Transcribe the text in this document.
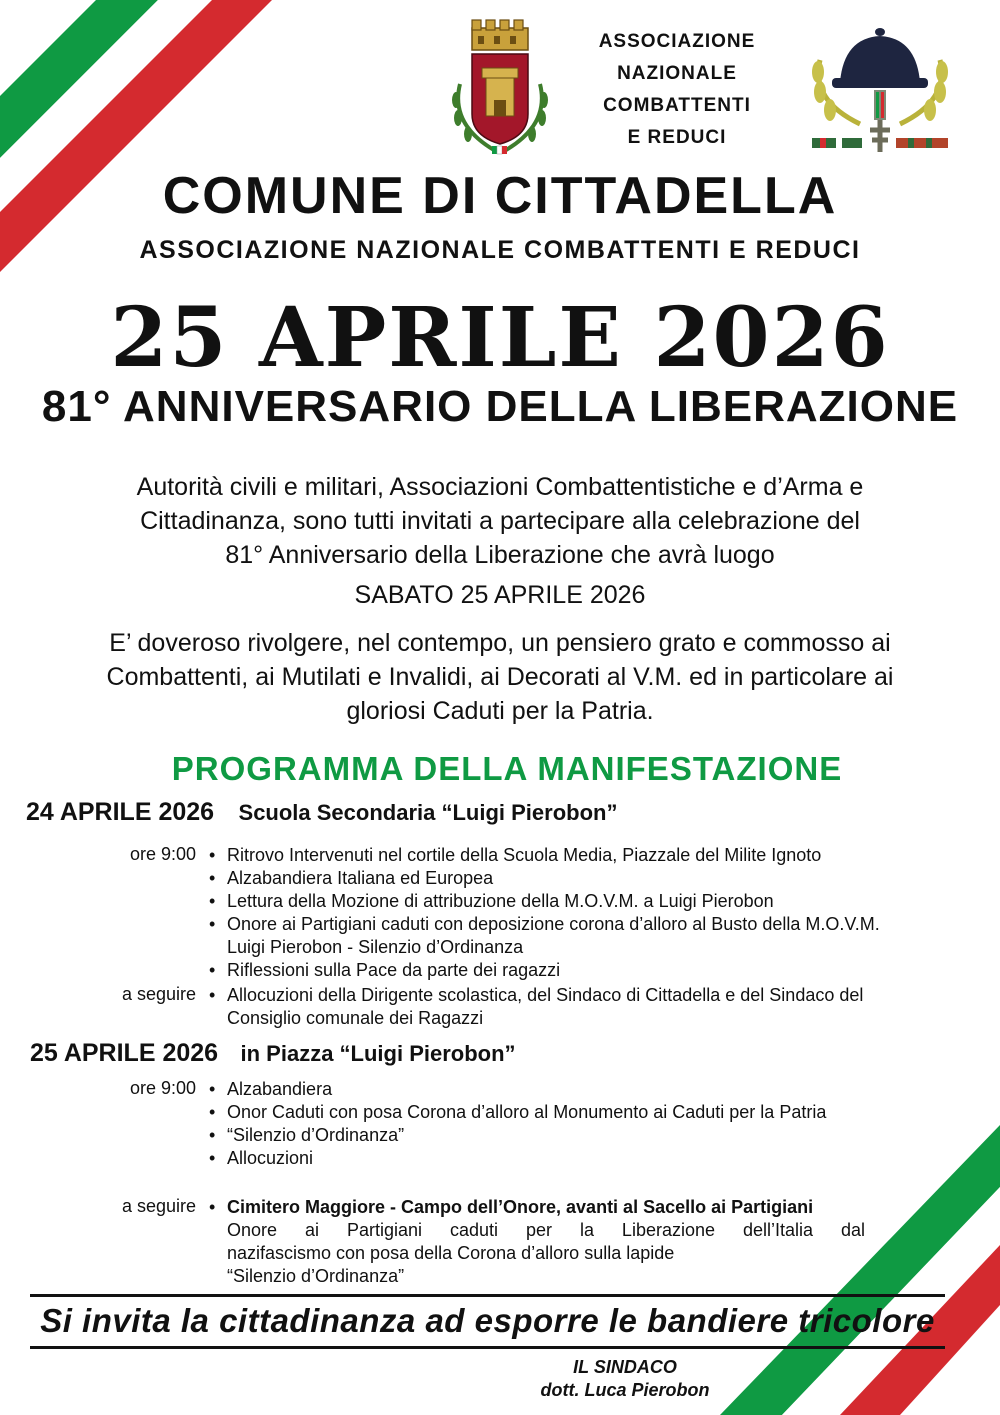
ASSOCIAZIONE
NAZIONALE
COMBATTENTI
E REDUCI
COMUNE DI CITTADELLA
ASSOCIAZIONE NAZIONALE COMBATTENTI E REDUCI
25 APRILE 2026
81° ANNIVERSARIO DELLA LIBERAZIONE
Autorità civili e militari, Associazioni Combattentistiche e d’Arma e
Cittadinanza, sono tutti invitati a partecipare alla celebrazione del
81° Anniversario della Liberazione che avrà luogo
SABATO 25 APRILE 2026
E’ doveroso rivolgere, nel contempo, un pensiero grato e commosso ai
Combattenti, ai Mutilati e Invalidi, ai Decorati al V.M. ed in particolare ai
gloriosi Caduti per la Patria.
PROGRAMMA DELLA MANIFESTAZIONE
24 APRILE 2026 Scuola Secondaria “Luigi Pierobon”
ore 9:00	• Ritrovo Intervenuti nel cortile della Scuola Media, Piazzale del Milite Ignoto
• Alzabandiera Italiana ed Europea
• Lettura della Mozione di attribuzione della M.O.V.M. a Luigi Pierobon
• Onore ai Partigiani caduti con deposizione corona d’alloro al Busto della M.O.V.M.
Luigi Pierobon - Silenzio d’Ordinanza
• Riflessioni sulla Pace da parte dei ragazzi
a seguire	• Allocuzioni della Dirigente scolastica, del Sindaco di Cittadella e del Sindaco del
Consiglio comunale dei Ragazzi
25 APRILE 2026 in Piazza “Luigi Pierobon”
ore 9:00	• Alzabandiera
• Onor Caduti con posa Corona d’alloro al Monumento ai Caduti per la Patria
• “Silenzio d’Ordinanza”
• Allocuzioni
a seguire	• Cimitero Maggiore - Campo dell’Onore, avanti al Sacello ai Partigiani

Onore ai Partigiani caduti per la Liberazione dell’Italia dal
nazifascismo con posa della Corona d’alloro sulla lapide
“Silenzio d’Ordinanza”
Si invita la cittadinanza ad esporre le bandiere tricolore
IL SINDACO
dott. Luca Pierobon
